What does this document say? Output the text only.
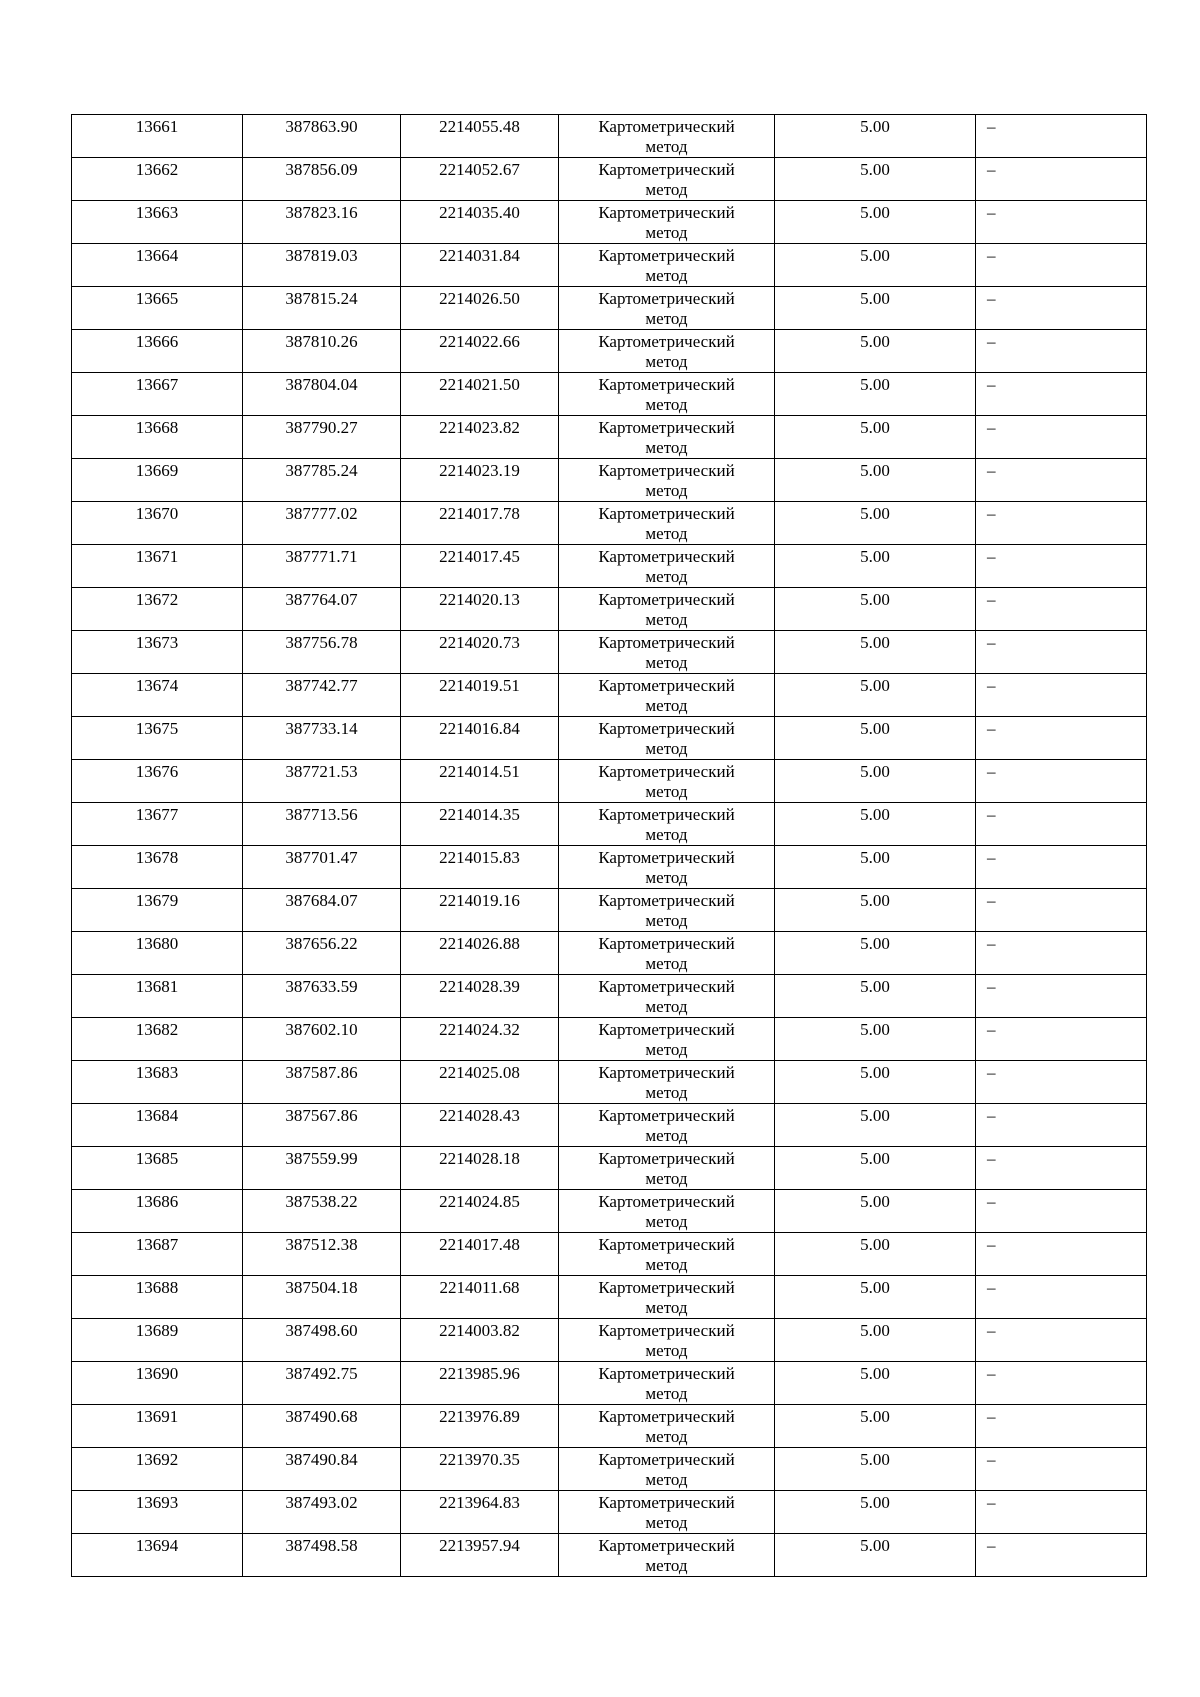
13661	387863.90	2214055.48	Картометрический метод	5.00	–
13662	387856.09	2214052.67	Картометрический метод	5.00	–
13663	387823.16	2214035.40	Картометрический метод	5.00	–
13664	387819.03	2214031.84	Картометрический метод	5.00	–
13665	387815.24	2214026.50	Картометрический метод	5.00	–
13666	387810.26	2214022.66	Картометрический метод	5.00	–
13667	387804.04	2214021.50	Картометрический метод	5.00	–
13668	387790.27	2214023.82	Картометрический метод	5.00	–
13669	387785.24	2214023.19	Картометрический метод	5.00	–
13670	387777.02	2214017.78	Картометрический метод	5.00	–
13671	387771.71	2214017.45	Картометрический метод	5.00	–
13672	387764.07	2214020.13	Картометрический метод	5.00	–
13673	387756.78	2214020.73	Картометрический метод	5.00	–
13674	387742.77	2214019.51	Картометрический метод	5.00	–
13675	387733.14	2214016.84	Картометрический метод	5.00	–
13676	387721.53	2214014.51	Картометрический метод	5.00	–
13677	387713.56	2214014.35	Картометрический метод	5.00	–
13678	387701.47	2214015.83	Картометрический метод	5.00	–
13679	387684.07	2214019.16	Картометрический метод	5.00	–
13680	387656.22	2214026.88	Картометрический метод	5.00	–
13681	387633.59	2214028.39	Картометрический метод	5.00	–
13682	387602.10	2214024.32	Картометрический метод	5.00	–
13683	387587.86	2214025.08	Картометрический метод	5.00	–
13684	387567.86	2214028.43	Картометрический метод	5.00	–
13685	387559.99	2214028.18	Картометрический метод	5.00	–
13686	387538.22	2214024.85	Картометрический метод	5.00	–
13687	387512.38	2214017.48	Картометрический метод	5.00	–
13688	387504.18	2214011.68	Картометрический метод	5.00	–
13689	387498.60	2214003.82	Картометрический метод	5.00	–
13690	387492.75	2213985.96	Картометрический метод	5.00	–
13691	387490.68	2213976.89	Картометрический метод	5.00	–
13692	387490.84	2213970.35	Картометрический метод	5.00	–
13693	387493.02	2213964.83	Картометрический метод	5.00	–
13694	387498.58	2213957.94	Картометрический метод	5.00	–
